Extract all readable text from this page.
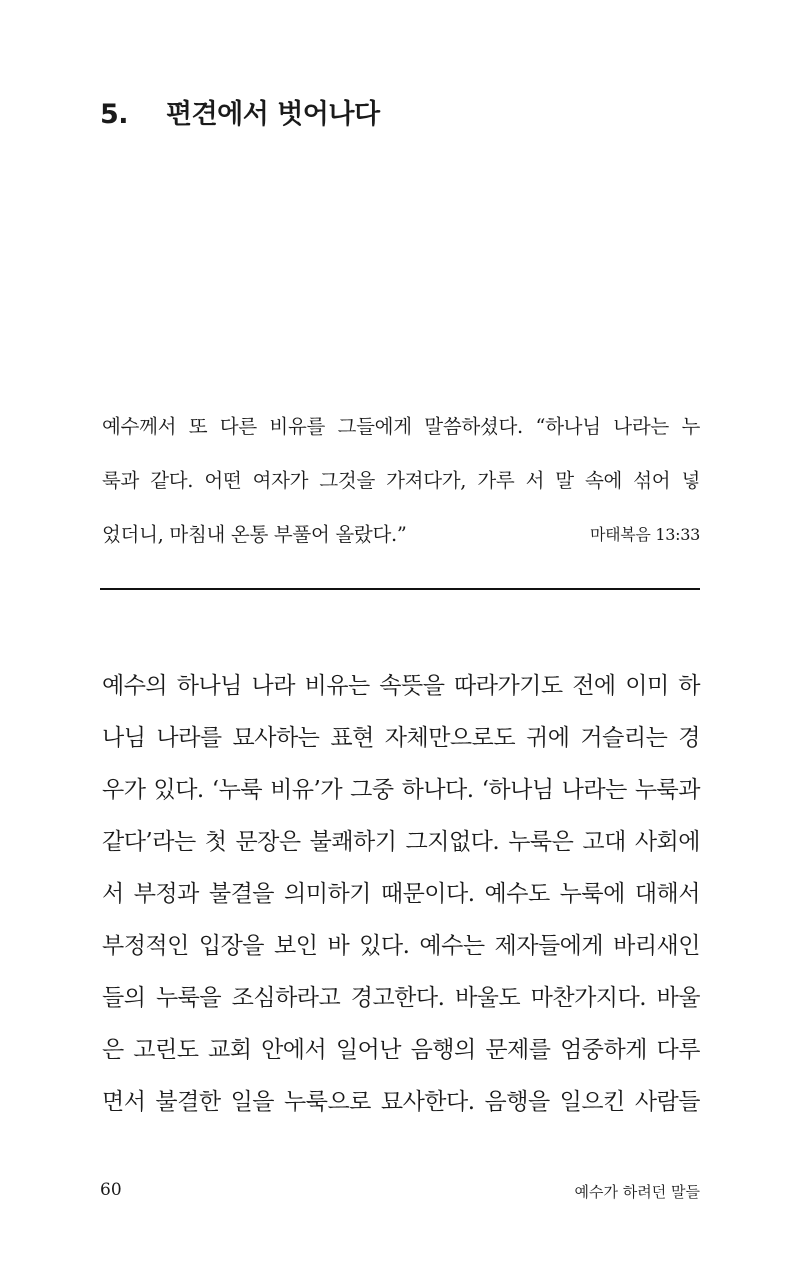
5.	편견에서 벗어나다
예수께서 또 다른 비유를 그들에게 말씀하셨다. “하나님 나라는 누
룩과 같다. 어떤 여자가 그것을 가져다가, 가루 서 말 속에 섞어 넣
었더니, 마침내 온통 부풀어 올랐다.”	마태복음 13:33
예수의 하나님 나라 비유는 속뜻을 따라가기도 전에 이미 하
나님 나라를 묘사하는 표현 자체만으로도 귀에 거슬리는 경
우가 있다. ‘누룩 비유’가 그중 하나다. ‘하나님 나라는 누룩과
같다’라는 첫 문장은 불쾌하기 그지없다. 누룩은 고대 사회에
서 부정과 불결을 의미하기 때문이다. 예수도 누룩에 대해서
부정적인 입장을 보인 바 있다. 예수는 제자들에게 바리새인
들의 누룩을 조심하라고 경고한다. 바울도 마찬가지다. 바울
은 고린도 교회 안에서 일어난 음행의 문제를 엄중하게 다루
면서 불결한 일을 누룩으로 묘사한다. 음행을 일으킨 사람들
60	예수가 하려던 말들
